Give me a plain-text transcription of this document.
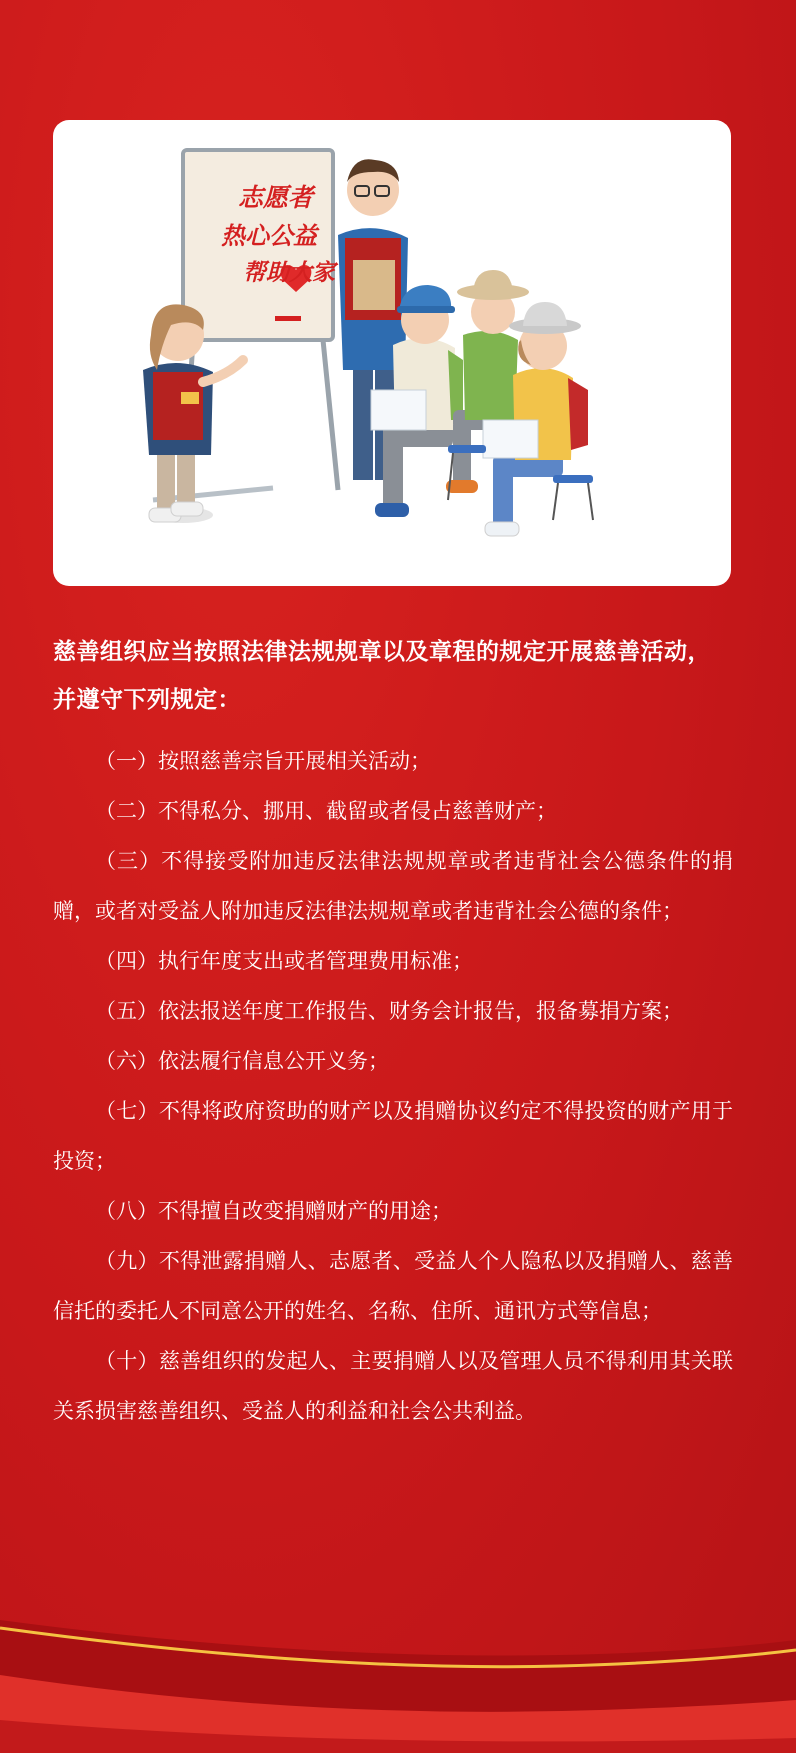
志愿者
热心公益
帮助大家

慈善组织应当按照法律法规规章以及章程的规定开展慈善活动，并遵守下列规定：

（一）按照慈善宗旨开展相关活动；

（二）不得私分、挪用、截留或者侵占慈善财产；

（三）不得接受附加违反法律法规规章或者违背社会公德条件的捐赠，或者对受益人附加违反法律法规规章或者违背社会公德的条件；

（四）执行年度支出或者管理费用标准；

（五）依法报送年度工作报告、财务会计报告，报备募捐方案；

（六）依法履行信息公开义务；

（七）不得将政府资助的财产以及捐赠协议约定不得投资的财产用于投资；

（八）不得擅自改变捐赠财产的用途；

（九）不得泄露捐赠人、志愿者、受益人个人隐私以及捐赠人、慈善信托的委托人不同意公开的姓名、名称、住所、通讯方式等信息；

（十）慈善组织的发起人、主要捐赠人以及管理人员不得利用其关联关系损害慈善组织、受益人的利益和社会公共利益。
